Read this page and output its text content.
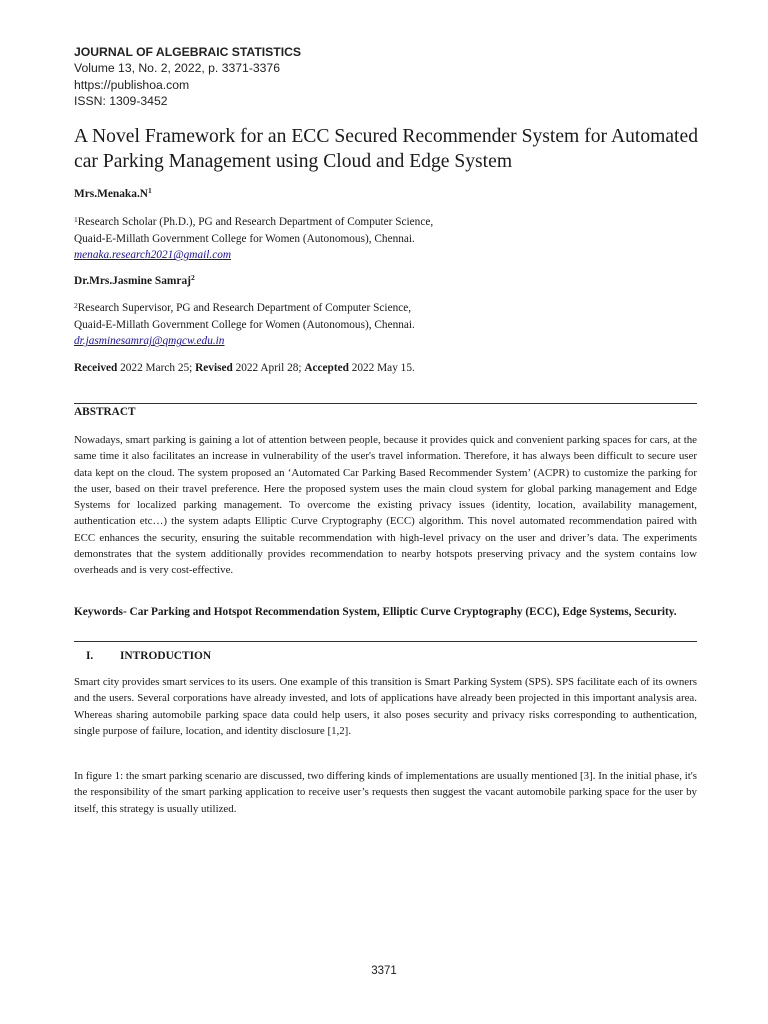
JOURNAL OF ALGEBRAIC STATISTICS
Volume 13, No. 2, 2022, p. 3371-3376
https://publishoa.com
ISSN: 1309-3452
A Novel Framework for an ECC Secured Recommender System for Automated car Parking Management using Cloud and Edge System
$Mrs.Menaka.N^1$
$^1$Research Scholar (Ph.D.), PG and Research Department of Computer Science,
Quaid-E-Millath Government College for Women (Autonomous), Chennai.
menaka.research2021@gmail.com
Dr.Mrs.Jasmine Samraj$^2$
$^2$Research Supervisor, PG and Research Department of Computer Science,
Quaid-E-Millath Government College for Women (Autonomous), Chennai.
dr.jasminesamraj@qmgcw.edu.in
Received 2022 March 25; Revised 2022 April 28; Accepted 2022 May 15.
ABSTRACT
Nowadays, smart parking is gaining a lot of attention between people, because it provides quick and convenient parking spaces for cars, at the same time it also facilitates an increase in vulnerability of the user's travel information. Therefore, it has always been difficult to secure user data kept on the cloud. The system proposed an ‘Automated Car Parking Based Recommender System’ (ACPR) to customize the parking for the user, based on their travel preference. Here the proposed system uses the main cloud system for global parking management and Edge Systems for localized parking management. To overcome the existing privacy issues (identity, location, availability management, authentication etc…) the system adapts Elliptic Curve Cryptography (ECC) algorithm. This novel automated recommendation paired with ECC enhances the security, ensuring the suitable recommendation with high-level privacy on the user and driver’s data. The experiments demonstrates that the system additionally provides recommendation to nearby hotspots preserving privacy and the system contains low overheads and is very cost-effective.
Keywords- Car Parking and Hotspot Recommendation System, Elliptic Curve Cryptography (ECC), Edge Systems, Security.
I. INTRODUCTION
Smart city provides smart services to its users. One example of this transition is Smart Parking System (SPS). SPS facilitate each of its owners and the users. Several corporations have already invested, and lots of applications have already been projected in this important analysis area. Whereas sharing automobile parking space data could help users, it also poses security and privacy risks corresponding to authentication, single purpose of failure, location, and identity disclosure [1,2].
In figure 1: the smart parking scenario are discussed, two differing kinds of implementations are usually mentioned [3]. In the initial phase, it's the responsibility of the smart parking application to receive user’s requests then suggest the vacant automobile parking space for the user by itself, this strategy is usually utilized.
3371
